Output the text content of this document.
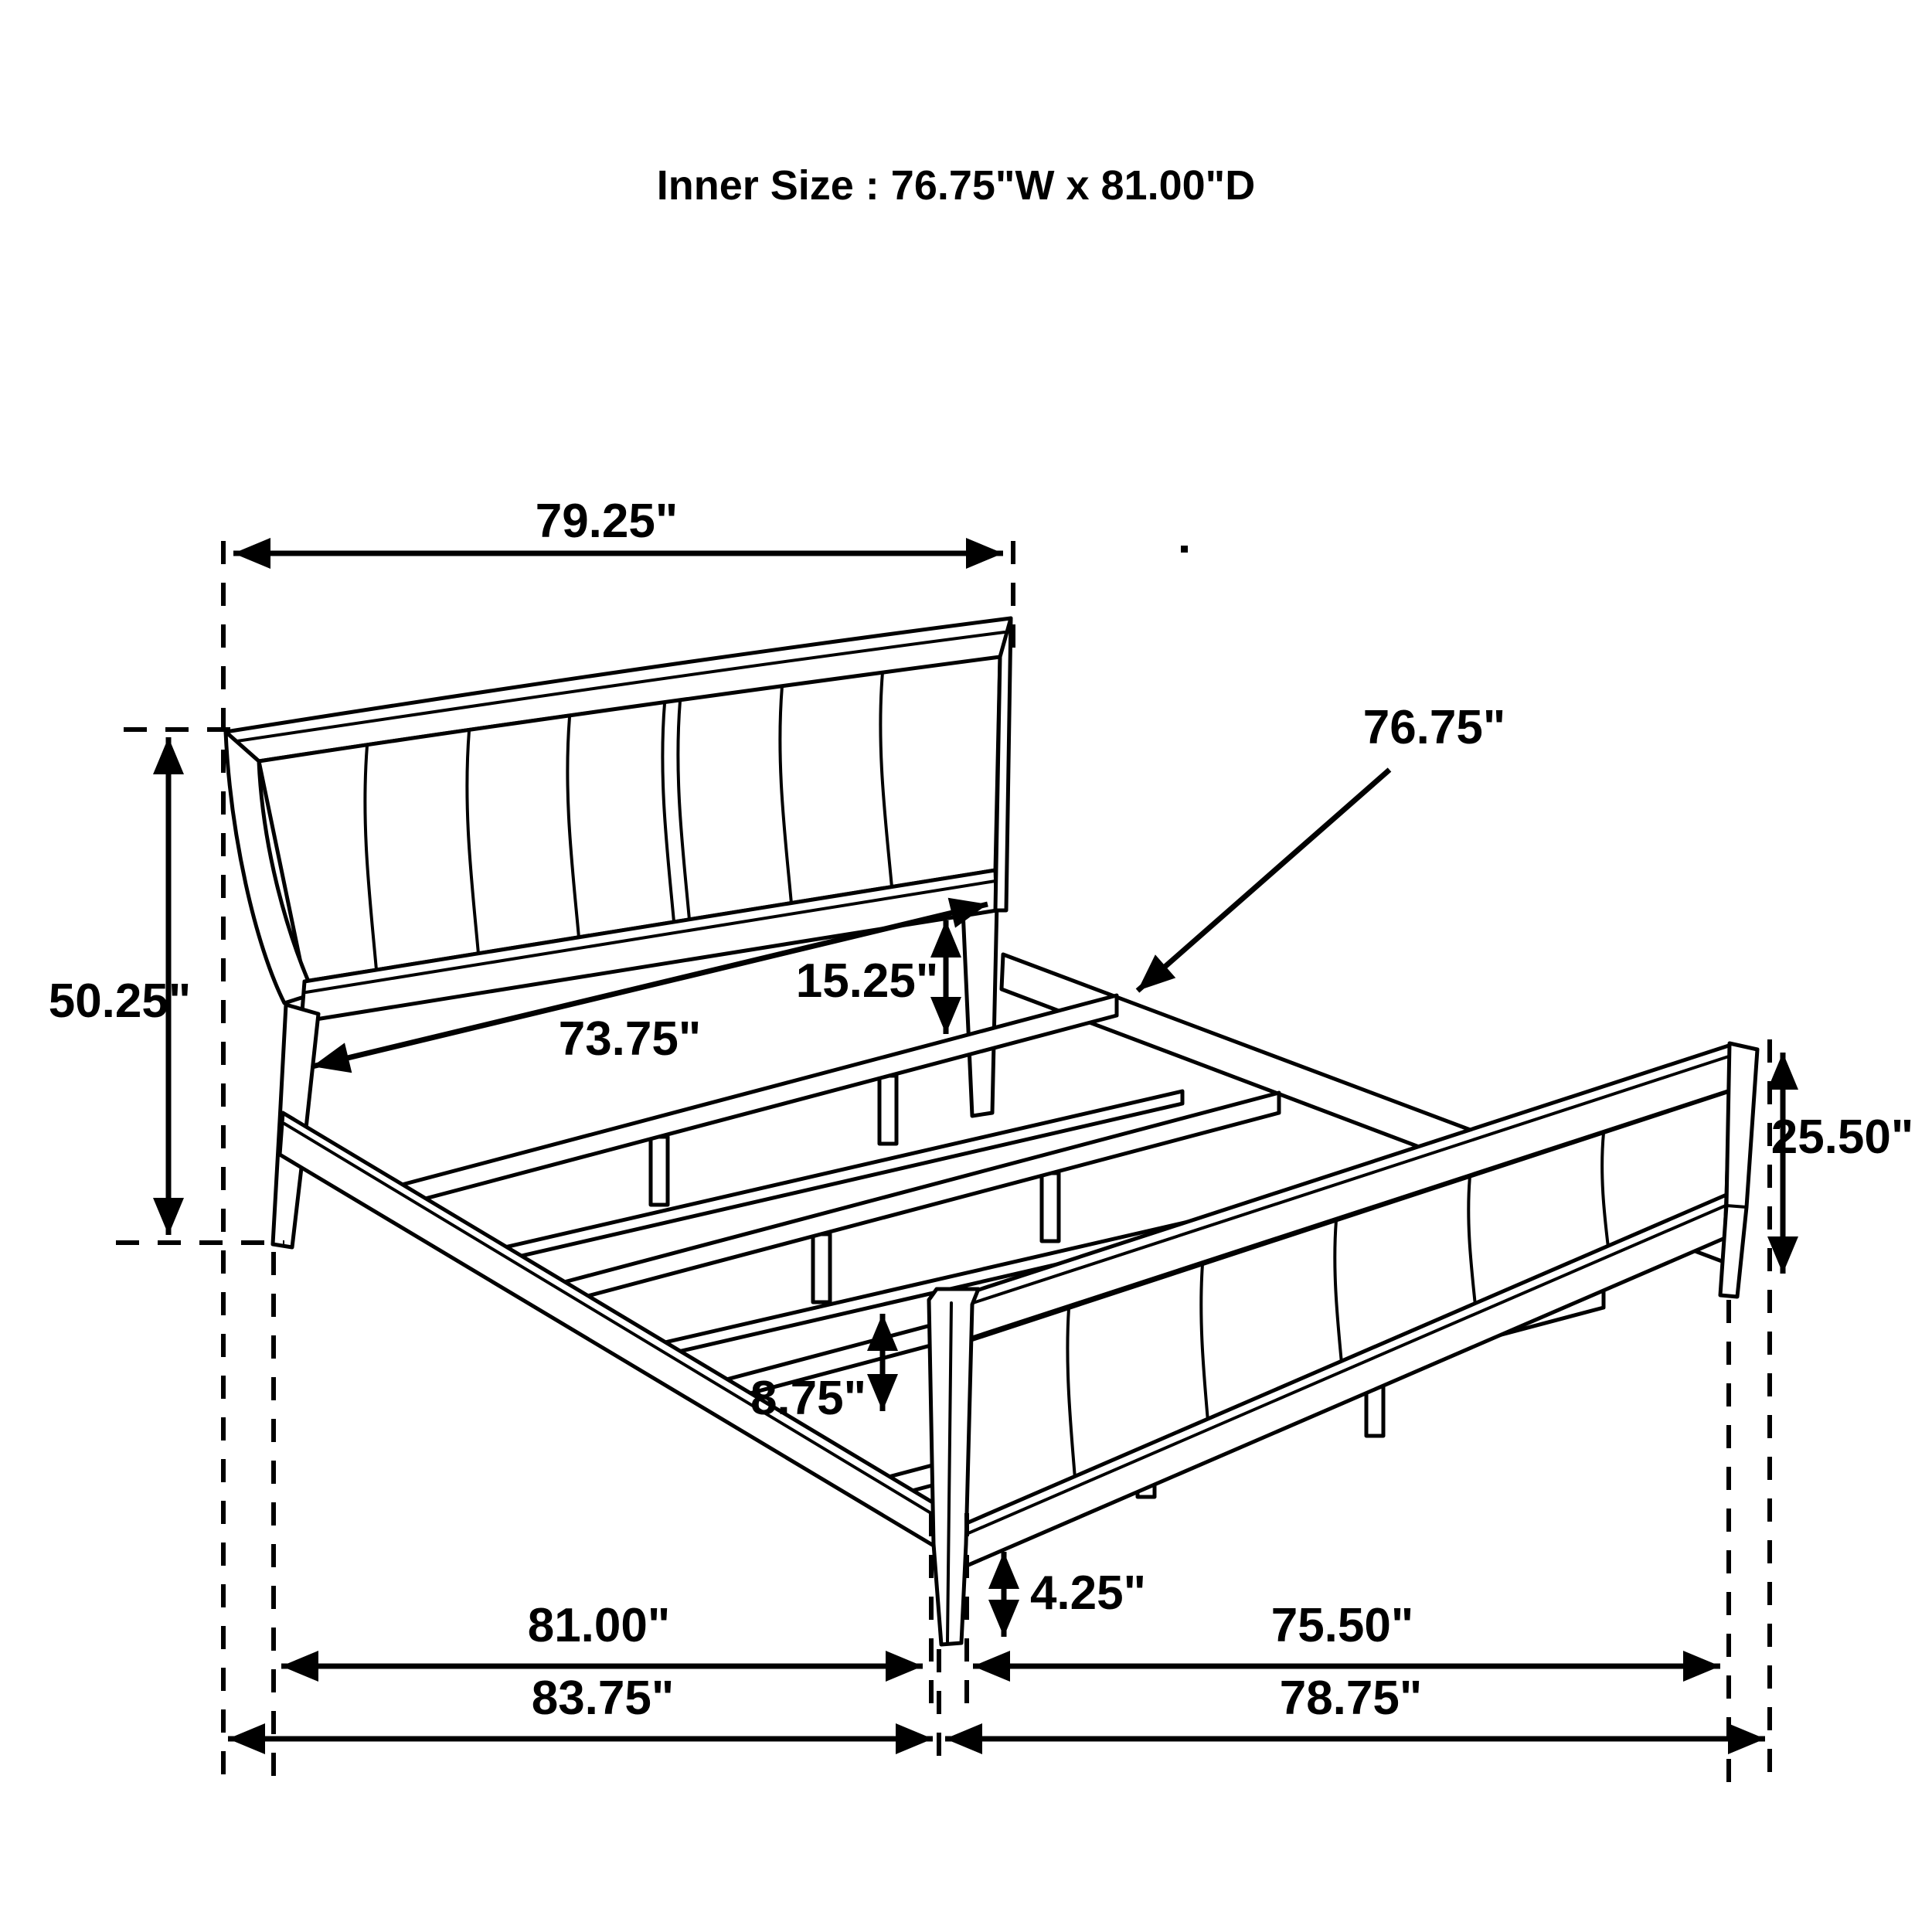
Inner Size : 76.75"W x 81.00"D
79.25"
50.25"	15.25"
73.75"
76.75"
25.50"
8.75"
4.25"
81.00"	75.50"
83.75"	78.75"
